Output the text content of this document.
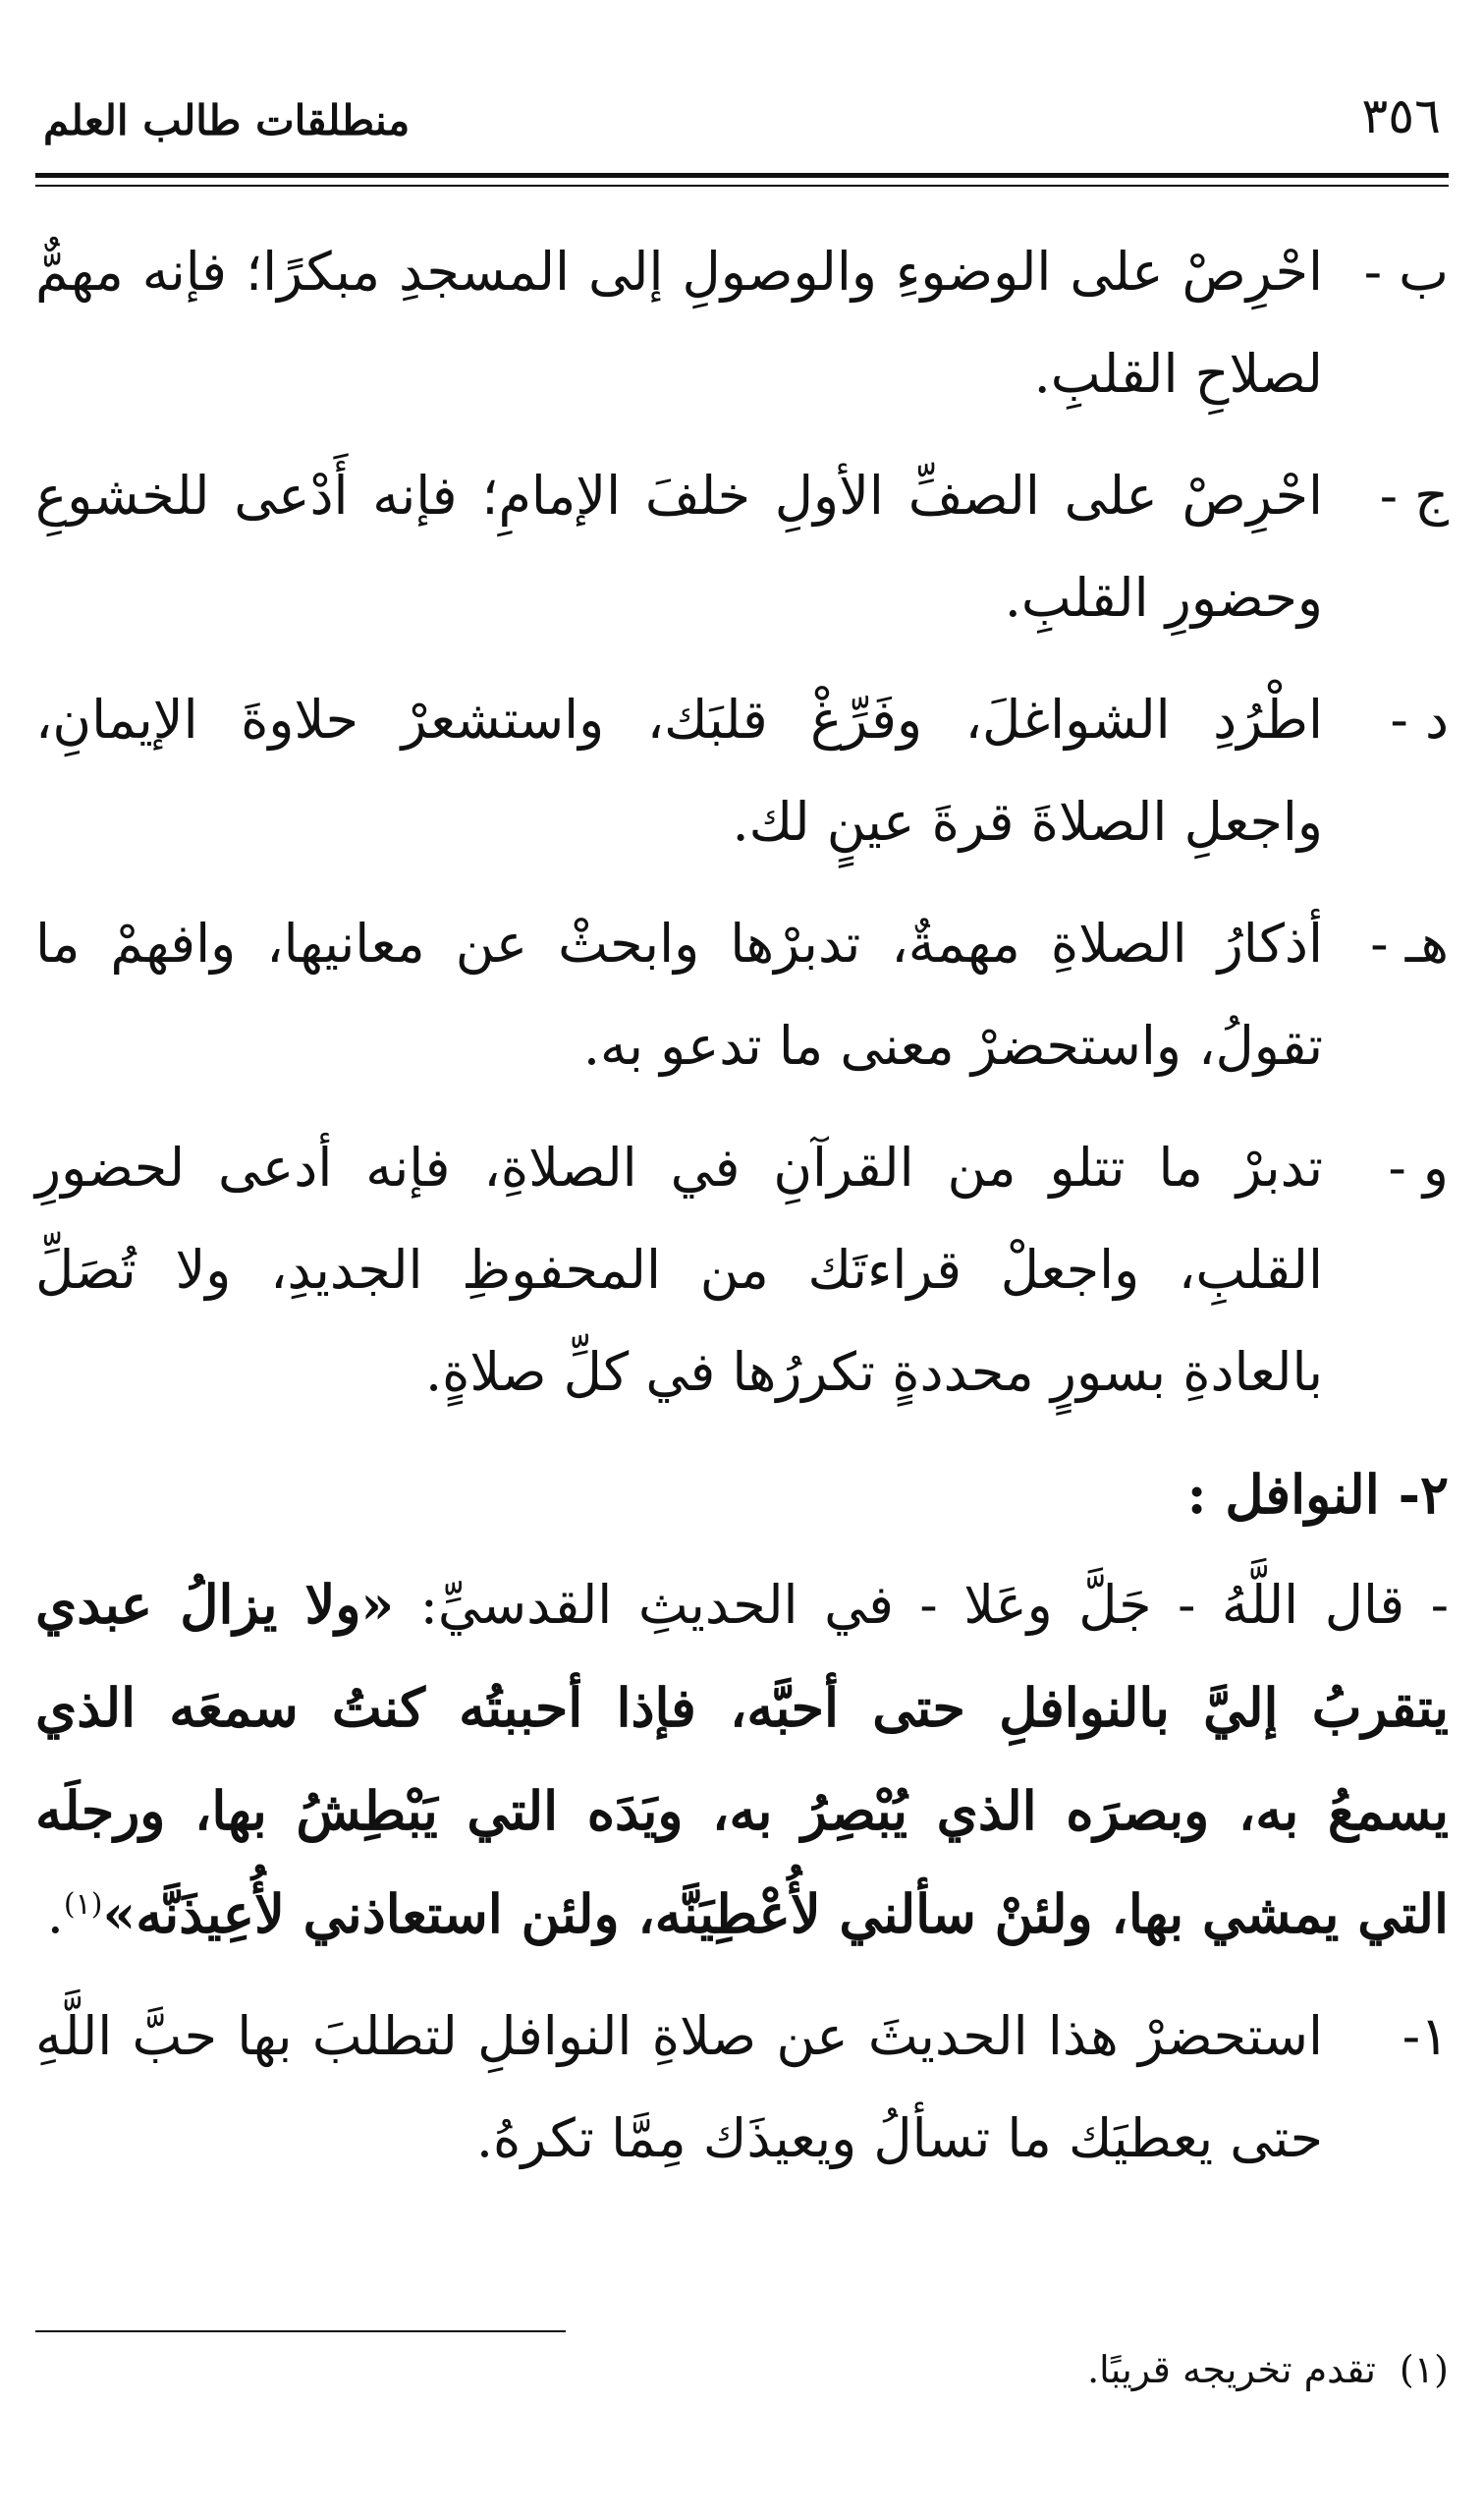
٣٥٦
منطلقات طالب العلم
ب -
احْرِصْ على الوضوءِ والوصولِ إلى المسجدِ مبكرًا؛ فإنه مهمٌّ لصلاحِ القلبِ.
ج -
احْرِصْ على الصفِّ الأولِ خلفَ الإمامِ؛ فإنه أَدْعى للخشوعِ وحضورِ القلبِ.
د -
اطْرُدِ الشواغلَ، وفَرِّغْ قلبَك، واستشعرْ حلاوةَ الإيمانِ، واجعلِ الصلاةَ قرةَ عينٍ لك.
هـ -
أذكارُ الصلاةِ مهمةٌ، تدبرْها وابحثْ عن معانيها، وافهمْ ما تقولُ، واستحضرْ معنى ما تدعو به.
و -
تدبرْ ما تتلو من القرآنِ في الصلاةِ، فإنه أدعى لحضورِ القلبِ، واجعلْ قراءتَك من المحفوظِ الجديدِ، ولا تُصَلِّ بالعادةِ بسورٍ محددةٍ تكررُها في كلِّ صلاةٍ.
٢- النوافل :
- قال اللَّهُ - جَلَّ وعَلا - في الحديثِ القدسيِّ: «ولا يزالُ عبدي يتقربُ إليَّ بالنوافلِ حتى أحبَّه، فإذا أحببتُه كنتُ سمعَه الذي يسمعُ به، وبصرَه الذي يُبْصِرُ به، ويَدَه التي يَبْطِشُ بها، ورجلَه التي يمشي بها، ولئنْ سألني لأُعْطِيَنَّه، ولئن استعاذني لأُعِيذَنَّه»$^{(١)}$.
١-
استحضرْ هذا الحديثَ عن صلاةِ النوافلِ لتطلبَ بها حبَّ اللَّهِ حتى يعطيَك ما تسألُ ويعيذَك مِمَّا تكرهُ.
(١)تقدم تخريجه قريبًا.
